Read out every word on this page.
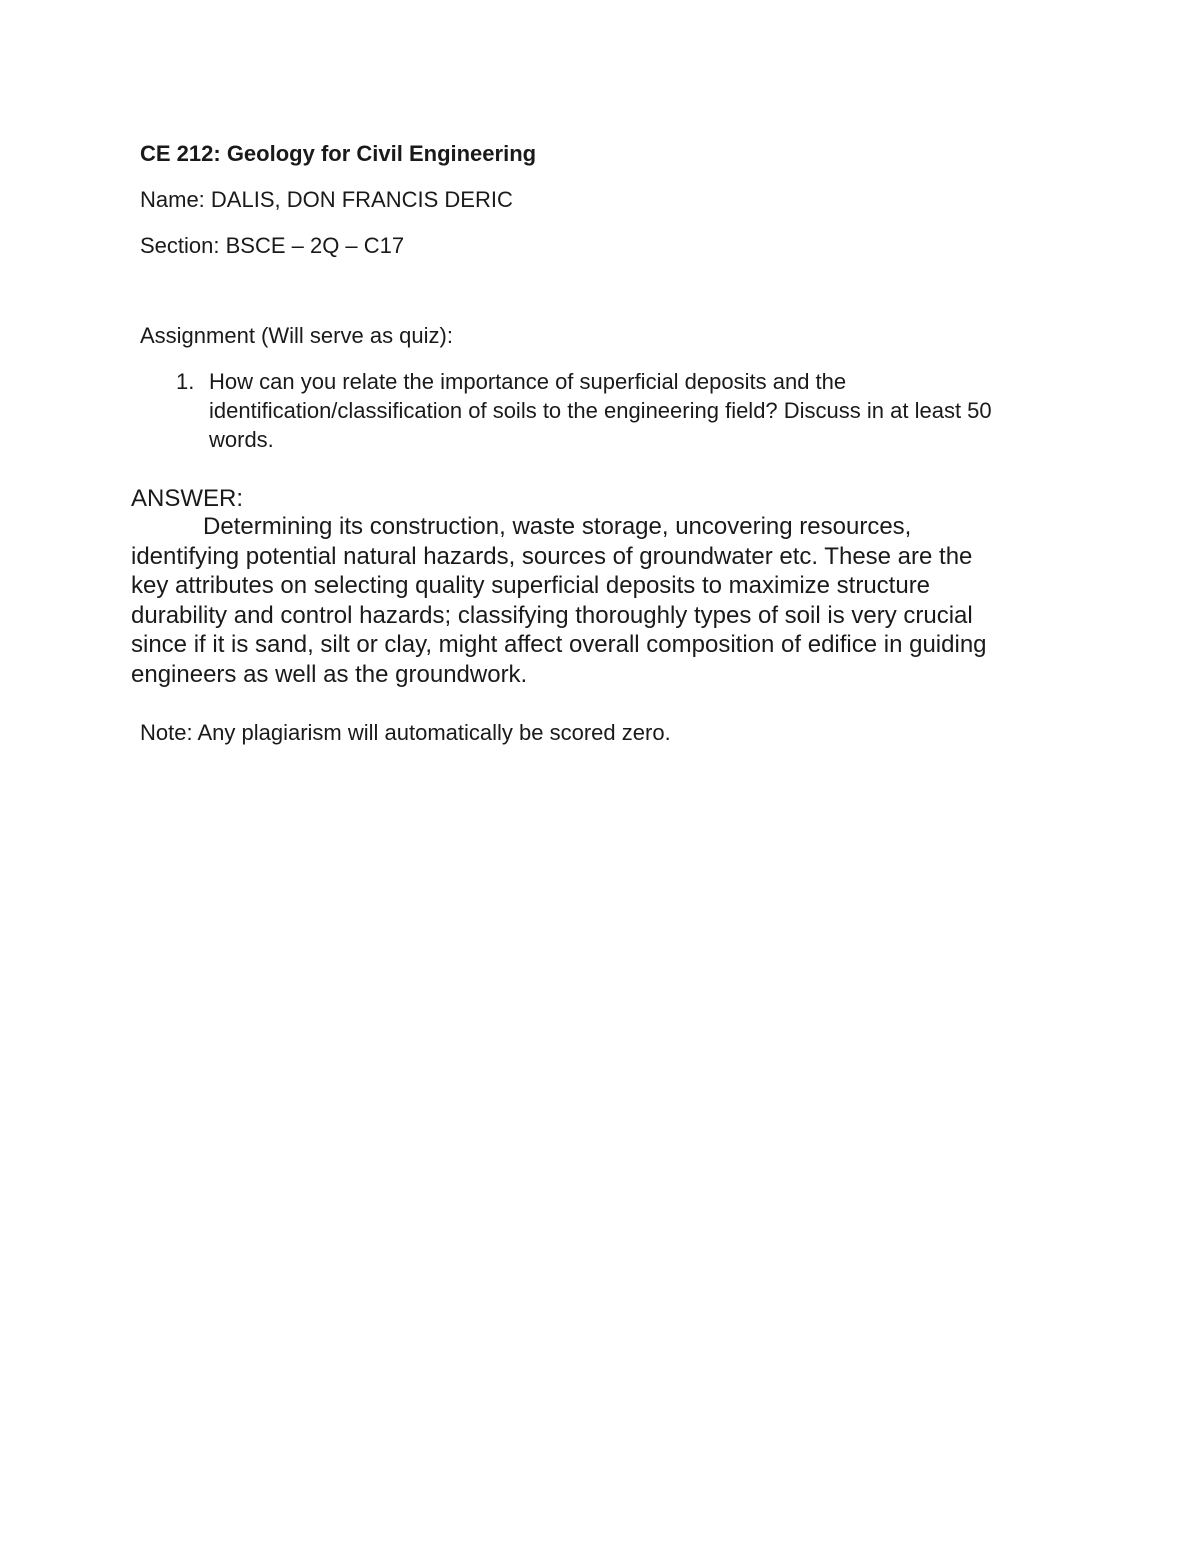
CE 212: Geology for Civil Engineering

Name: DALIS, DON FRANCIS DERIC

Section: BSCE – 2Q – C17

Assignment (Will serve as quiz):

1. How can you relate the importance of superficial deposits and the
identification/classification of soils to the engineering field? Discuss in at least 50
words.

ANSWER:

Determining its construction, waste storage, uncovering resources,
identifying potential natural hazards, sources of groundwater etc. These are the
key attributes on selecting quality superficial deposits to maximize structure
durability and control hazards; classifying thoroughly types of soil is very crucial
since if it is sand, silt or clay, might affect overall composition of edifice in guiding
engineers as well as the groundwork.

Note: Any plagiarism will automatically be scored zero.
